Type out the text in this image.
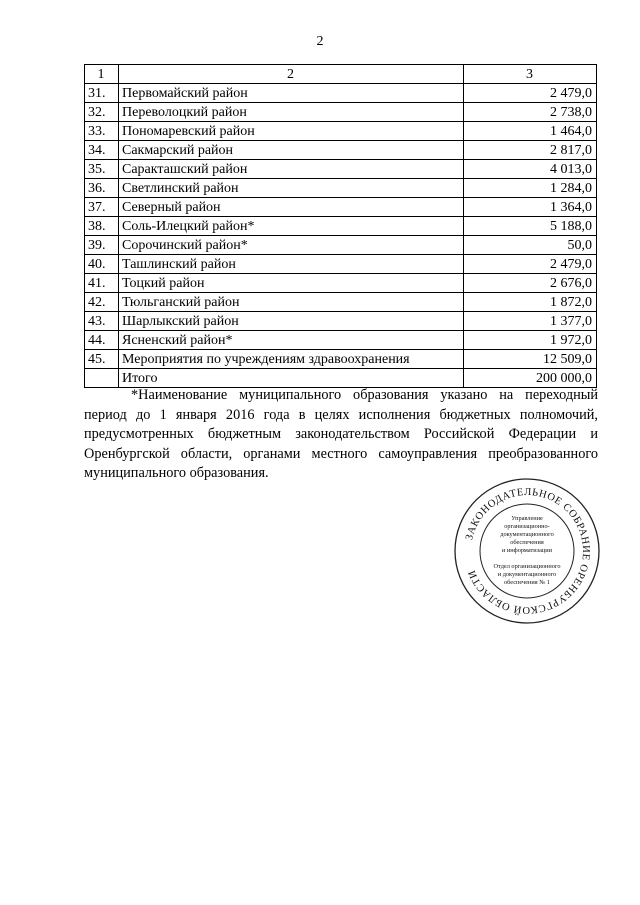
2
1	2	3
31.	Первомайский район	2 479,0
32.	Переволоцкий район	2 738,0
33.	Пономаревский район	1 464,0
34.	Сакмарский район	2 817,0
35.	Саракташский район	4 013,0
36.	Светлинский район	1 284,0
37.	Северный район	1 364,0
38.	Соль-Илецкий район*	5 188,0
39.	Сорочинский район*	50,0
40.	Ташлинский район	2 479,0
41.	Тоцкий район	2 676,0
42.	Тюльганский район	1 872,0
43.	Шарлыкский район	1 377,0
44.	Ясненский район*	1 972,0
45.	Мероприятия по учреждениям здравоохранения	12 509,0
	Итого	200 000,0

*Наименование муниципального образования указано на переходный период до 1 января 2016 года в целях исполнения бюджетных полномочий, предусмотренных бюджетным законодательством Российской Федерации и Оренбургской области, органами местного самоуправления преобразованного муниципального образования.

ЗАКОНОДАТЕЛЬНОЕ СОБРАНИЕ ОРЕНБУРГСКОЙ ОБЛАСТИ
Управление
организационно-
документационного
обеспечения
и информатизации
Отдел организационного
и документационного
обеспечения № 1
